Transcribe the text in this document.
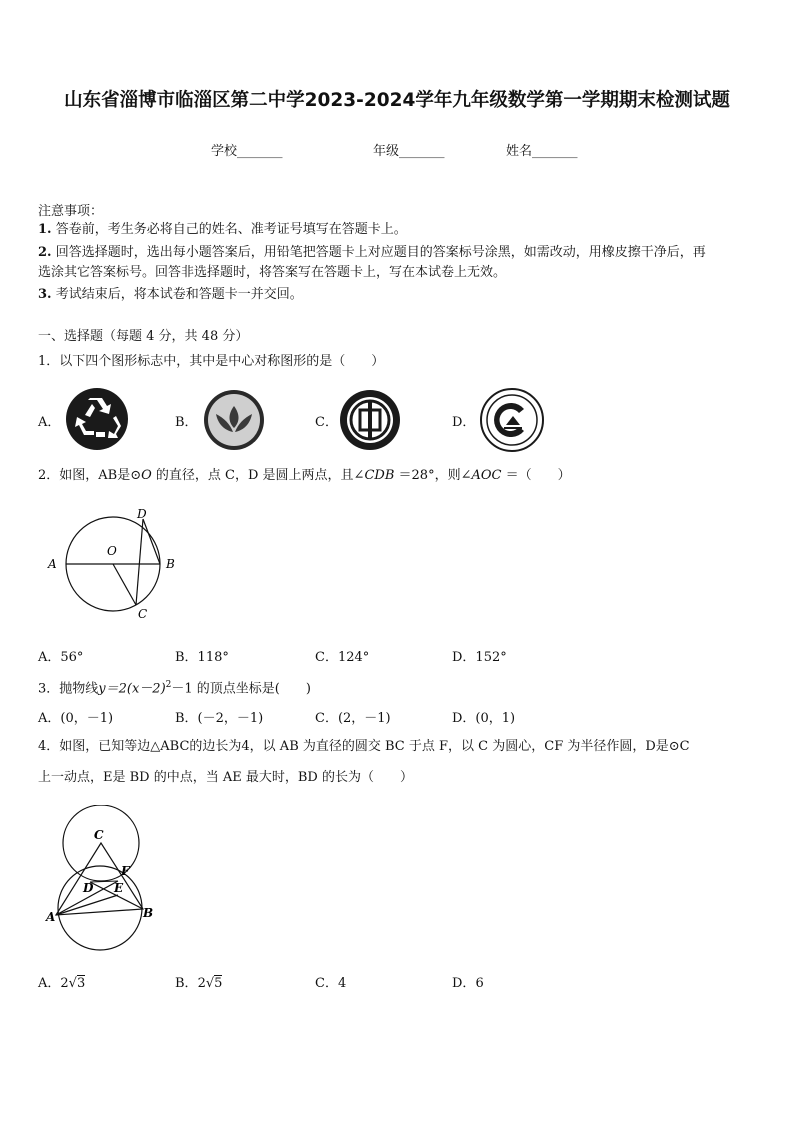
山东省淄博市临淄区第二中学2023-2024学年九年级数学第一学期期末检测试题
学校_______	年级_______	姓名_______
注意事项：
1. 答卷前，考生务必将自己的姓名、准考证号填写在答题卡上。
2. 回答选择题时，选出每小题答案后，用铅笔把答题卡上对应题目的答案标号涂黑，如需改动，用橡皮擦干净后，再
选涂其它答案标号。回答非选择题时，将答案写在答题卡上，写在本试卷上无效。
3. 考试结束后，将本试卷和答题卡一并交回。
一、选择题（每题 4 分，共 48 分）
1．以下四个图形标志中，其中是中心对称图形的是（　　）
A．	B．	C．	D．
2．如图，AB是⊙O 的直径，点 C，D 是圆上两点，且∠CDB ＝28°，则∠AOC ＝（　　）
A	B
C
D
O
A．56°	B．118°	C．124°	D．152°
3．抛物线$y=2(x-2)^2-1$ 的顶点坐标是(　　)
A．(0，－1)	B．(－2，－1)	C．(2，－1)	D．(0，1)
4．如图，已知等边△ABC的边长为4，以 AB 为直径的圆交 BC 于点 F，以 C 为圆心，CF 为半径作圆，D是⊙C
上一动点，E是 BD 的中点，当 AE 最大时，BD 的长为（　　）
C
A	B
D E
F
A．2√3	B．2√5	C．4	D．6
